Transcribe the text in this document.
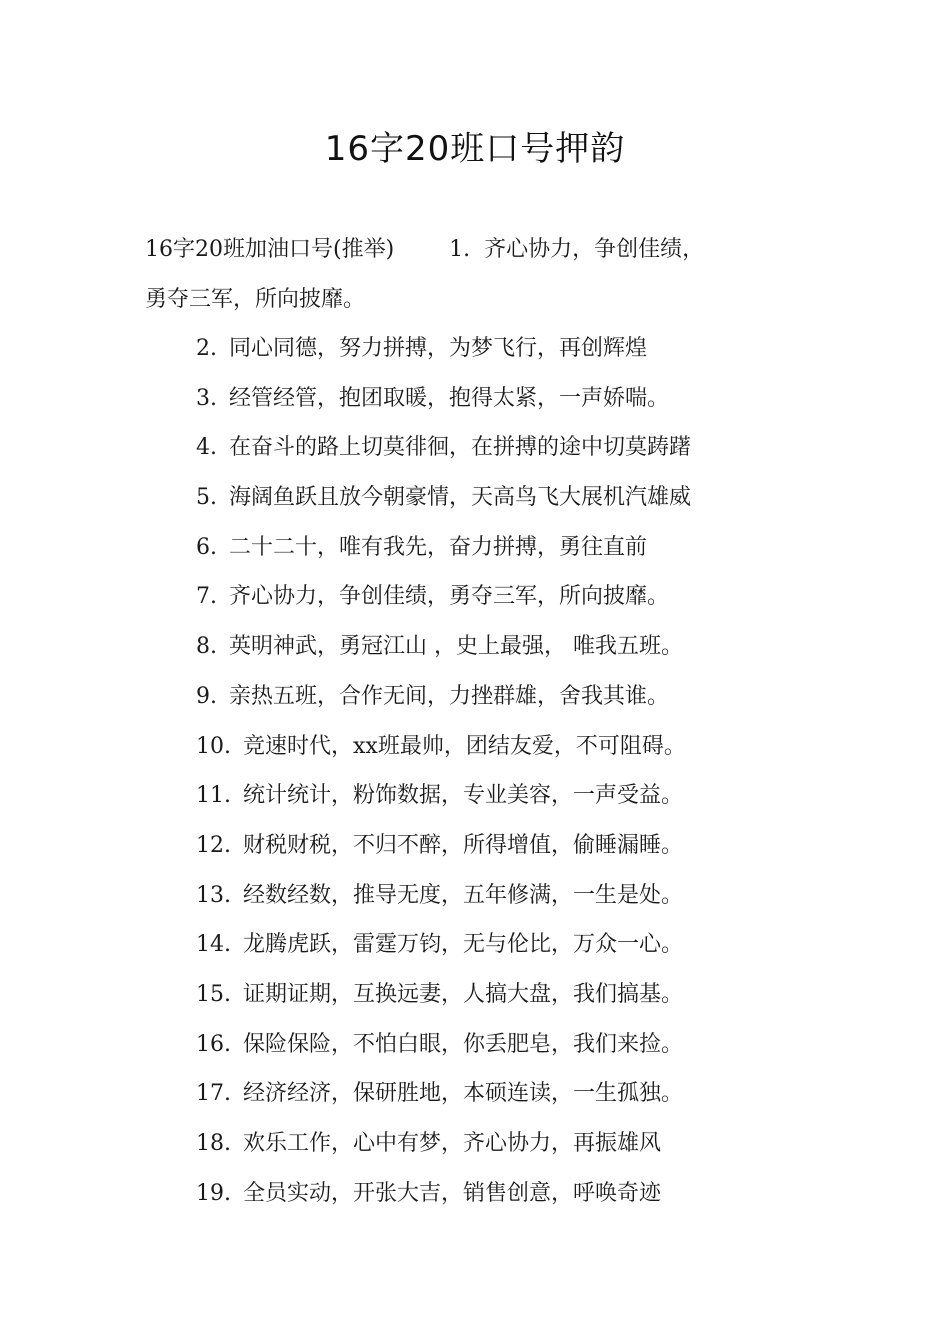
16字20班口号押韵

16字20班加油口号(推举)	1. 齐心协力，争创佳绩，
勇夺三军，所向披靡。

2. 同心同德，努力拼搏，为梦飞行，再创辉煌
3. 经管经管，抱团取暖，抱得太紧，一声娇喘。
4. 在奋斗的路上切莫徘徊，在拼搏的途中切莫踌躇
5. 海阔鱼跃且放今朝豪情，天高鸟飞大展机汽雄威
6. 二十二十，唯有我先，奋力拼搏，勇往直前
7. 齐心协力，争创佳绩，勇夺三军，所向披靡。
8. 英明神武，勇冠江山 ，史上最强， 唯我五班。
9. 亲热五班，合作无间，力挫群雄，舍我其谁。
10. 竞速时代，xx班最帅，团结友爱，不可阻碍。
11. 统计统计，粉饰数据，专业美容，一声受益。
12. 财税财税，不归不醉，所得增值，偷睡漏睡。
13. 经数经数，推导无度，五年修满，一生是处。
14. 龙腾虎跃，雷霆万钧，无与伦比，万众一心。
15. 证期证期，互换远妻，人搞大盘，我们搞基。
16. 保险保险，不怕白眼，你丢肥皂，我们来捡。
17. 经济经济，保研胜地，本硕连读，一生孤独。
18. 欢乐工作，心中有梦，齐心协力，再振雄风
19. 全员实动，开张大吉，销售创意，呼唤奇迹
